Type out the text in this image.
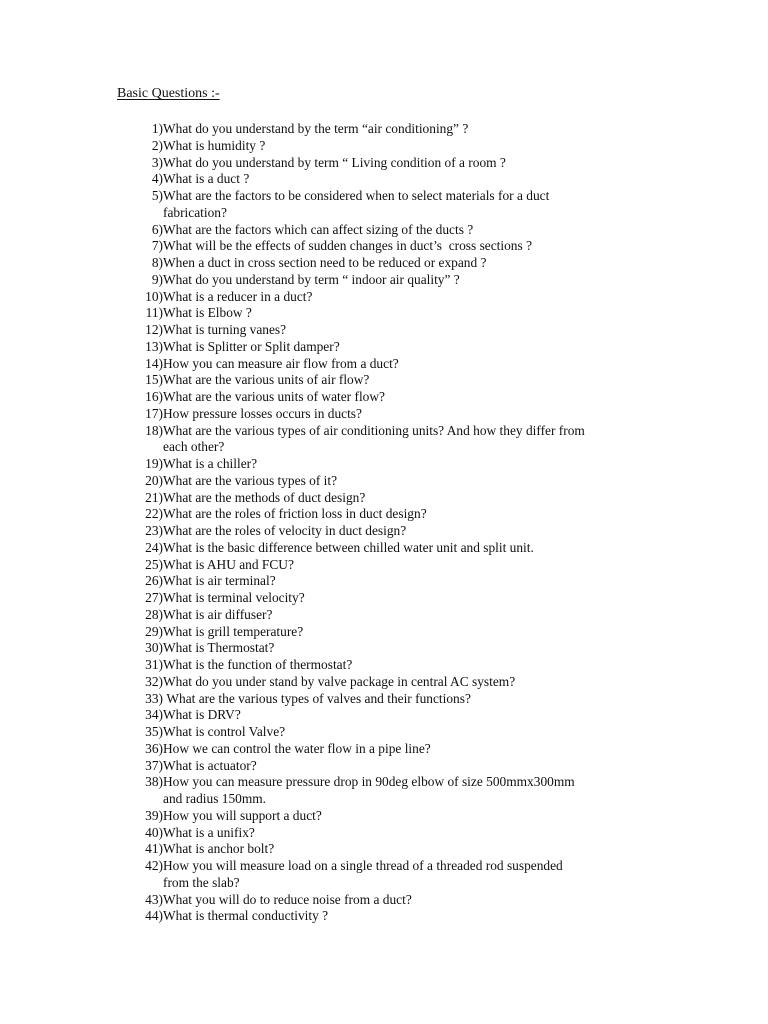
Basic Questions :-
1) What do you understand by the term “air conditioning” ?
2) What is humidity ?
3) What do you understand by term “ Living condition of a room ?
4) What is a duct ?
5) What are the factors to be considered when to select materials for a duct
fabrication?
6) What are the factors which can affect sizing of the ducts ?
7) What will be the effects of sudden changes in duct’s  cross sections ?
8) When a duct in cross section need to be reduced or expand ?
9) What do you understand by term “ indoor air quality” ?
10) What is a reducer in a duct?
11) What is Elbow ?
12) What is turning vanes?
13) What is Splitter or Split damper?
14) How you can measure air flow from a duct?
15) What are the various units of air flow?
16) What are the various units of water flow?
17) How pressure losses occurs in ducts?
18) What are the various types of air conditioning units? And how they differ from
each other?
19) What is a chiller?
20) What are the various types of it?
21) What are the methods of duct design?
22) What are the roles of friction loss in duct design?
23) What are the roles of velocity in duct design?
24) What is the basic difference between chilled water unit and split unit.
25) What is AHU and FCU?
26) What is air terminal?
27) What is terminal velocity?
28) What is air diffuser?
29) What is grill temperature?
30) What is Thermostat?
31) What is the function of thermostat?
32) What do you under stand by valve package in central AC system?
33) What are the various types of valves and their functions?
34) What is DRV?
35) What is control Valve?
36) How we can control the water flow in a pipe line?
37) What is actuator?
38) How you can measure pressure drop in 90deg elbow of size 500mmx300mm
and radius 150mm.
39) How you will support a duct?
40) What is a unifix?
41) What is anchor bolt?
42) How you will measure load on a single thread of a threaded rod suspended
from the slab?
43) What you will do to reduce noise from a duct?
44) What is thermal conductivity ?
